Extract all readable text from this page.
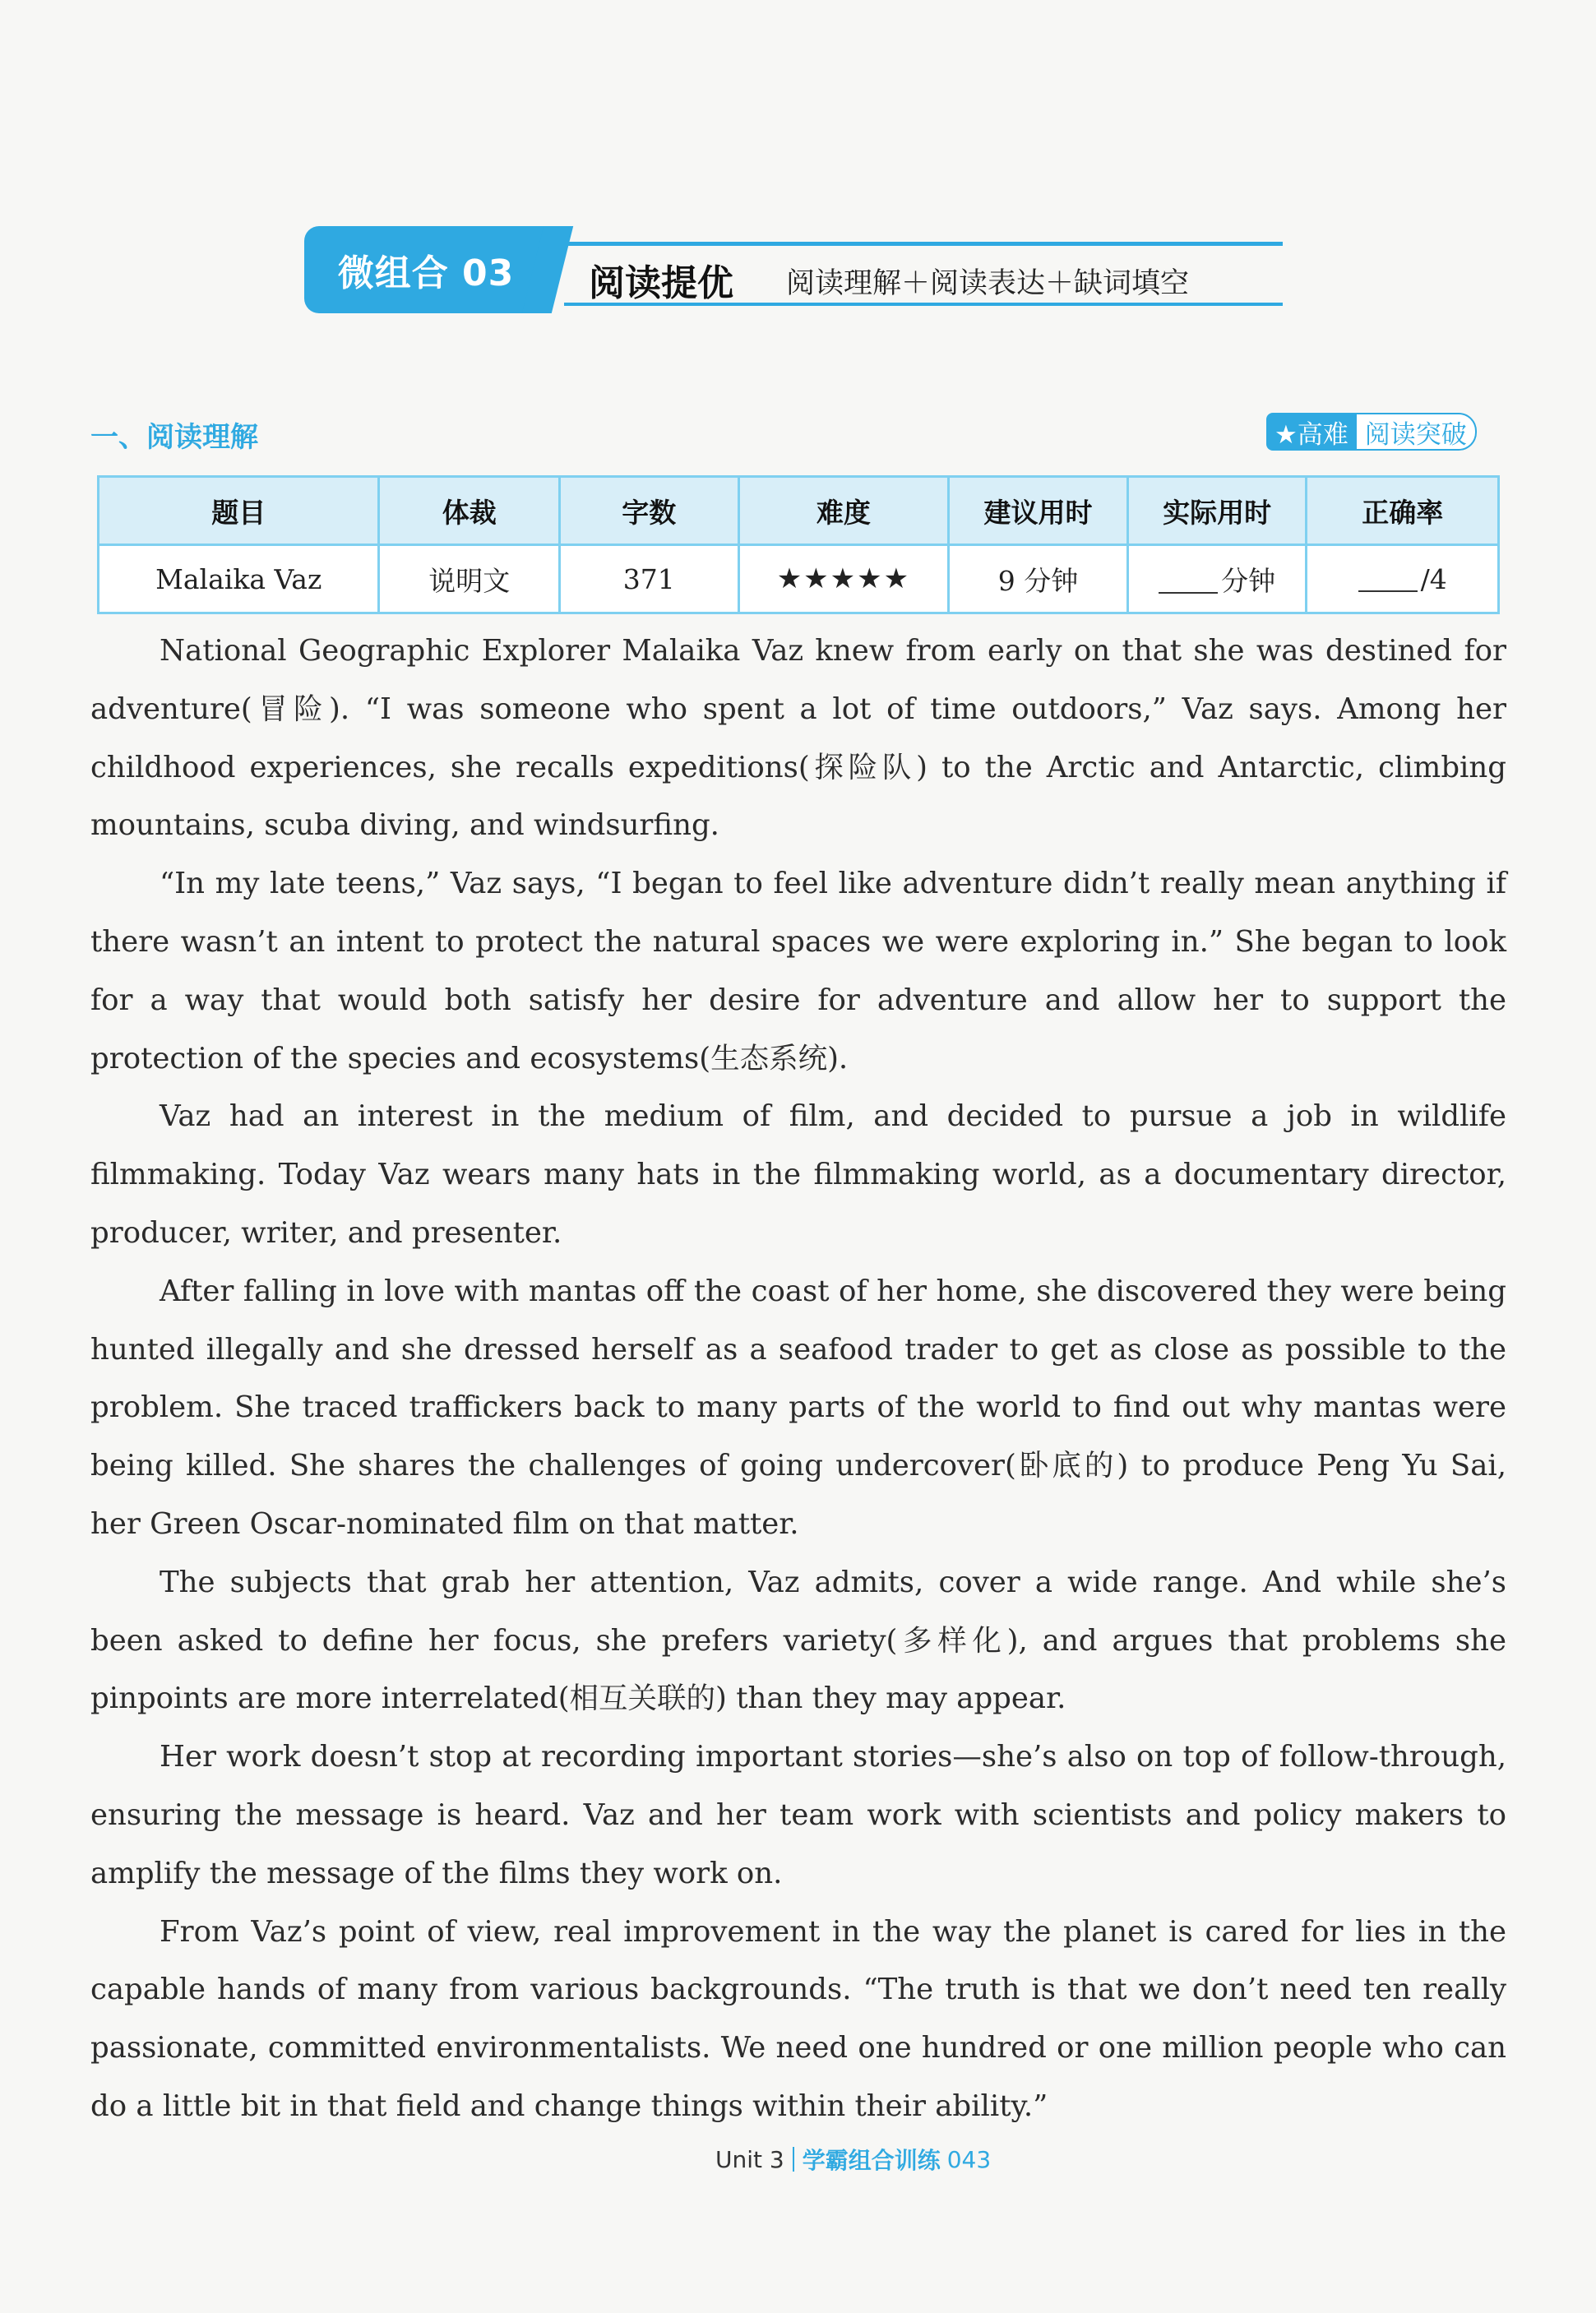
微组合 03 阅读提优 阅读理解＋阅读表达＋缺词填空
一、阅读理解	★高难 阅读突破
题目	体裁	字数	难度	建议用时	实际用时	正确率
Malaika Vaz	说明文	371	★★★★★	9 分钟	分钟	/4

National Geographic Explorer Malaika Vaz knew from early on that she was destined for adventure(冒险). “I was someone who spent a lot of time outdoors,” Vaz says. Among her childhood experiences, she recalls expeditions(探险队) to the Arctic and Antarctic, climbing mountains, scuba diving, and windsurfing.

“In my late teens,” Vaz says, “I began to feel like adventure didn’t really mean anything if there wasn’t an intent to protect the natural spaces we were exploring in.” She began to look for a way that would both satisfy her desire for adventure and allow her to support the protection of the species and ecosystems(生态系统).

Vaz had an interest in the medium of film, and decided to pursue a job in wildlife filmmaking. Today Vaz wears many hats in the filmmaking world, as a documentary director, producer, writer, and presenter.

After falling in love with mantas off the coast of her home, she discovered they were being hunted illegally and she dressed herself as a seafood trader to get as close as possible to the problem. She traced traffickers back to many parts of the world to find out why mantas were being killed. She shares the challenges of going undercover(卧底的) to produce Peng Yu Sai, her Green Oscar-nominated film on that matter.

The subjects that grab her attention, Vaz admits, cover a wide range. And while she’s been asked to define her focus, she prefers variety(多样化), and argues that problems she pinpoints are more interrelated(相互关联的) than they may appear.

Her work doesn’t stop at recording important stories—she’s also on top of follow-through, ensuring the message is heard. Vaz and her team work with scientists and policy makers to amplify the message of the films they work on.

From Vaz’s point of view, real improvement in the way the planet is cared for lies in the capable hands of many from various backgrounds. “The truth is that we don’t need ten really passionate, committed environmentalists. We need one hundred or one million people who can do a little bit in that field and change things within their ability.”

Unit 3 学霸组合训练 043
